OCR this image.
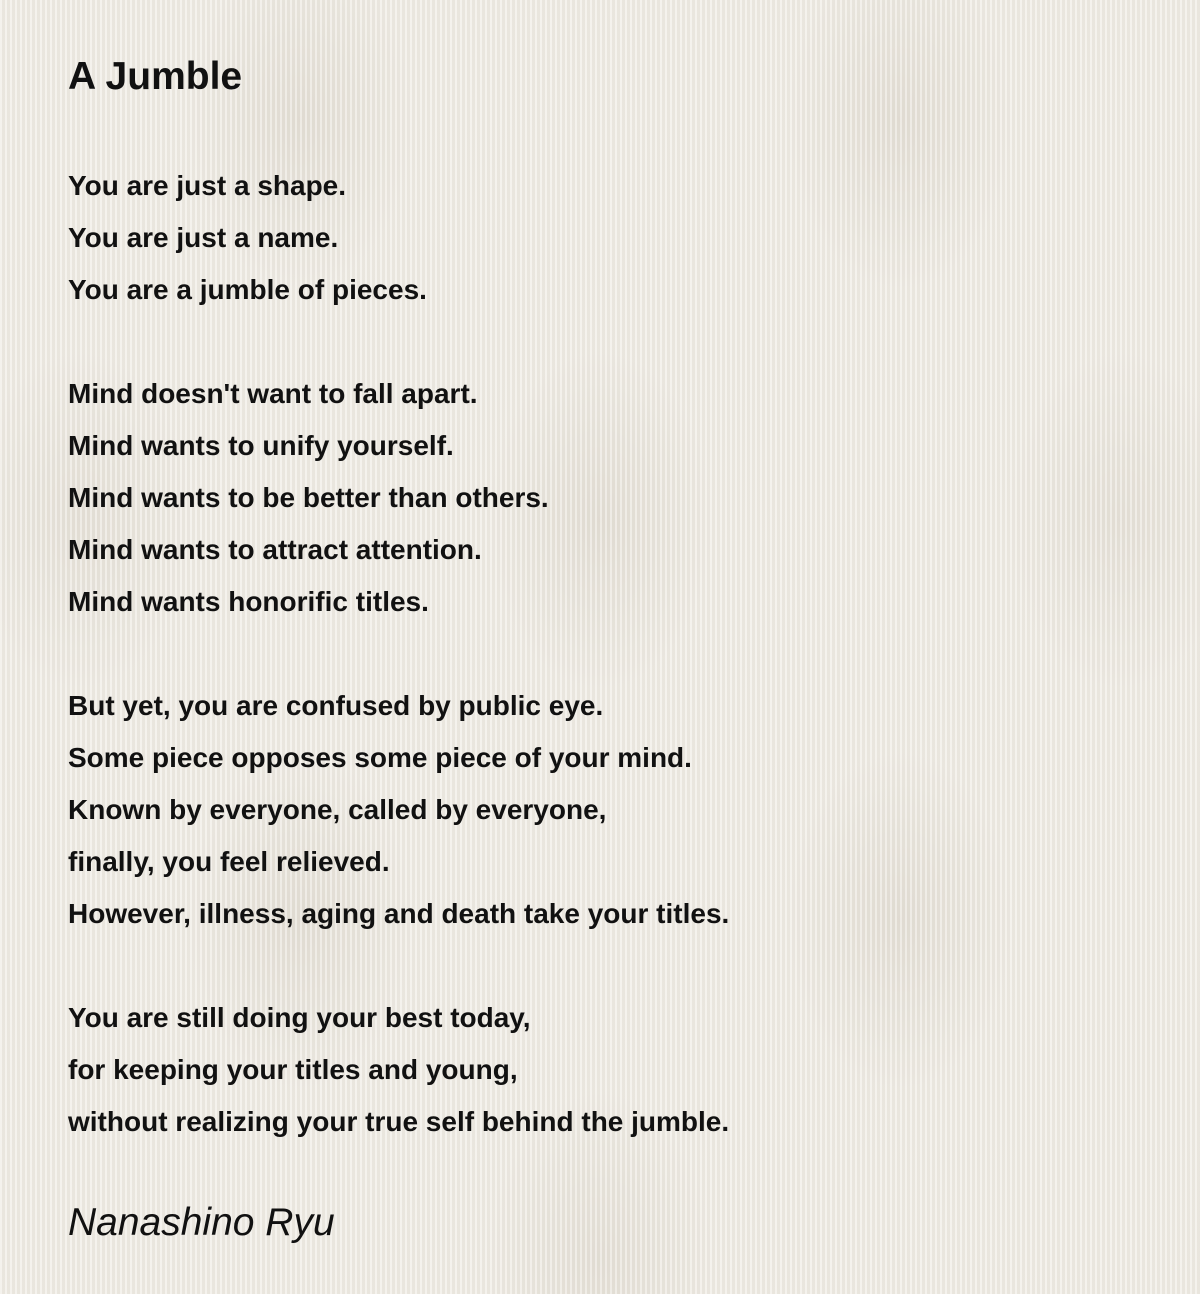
A Jumble
You are just a shape.
You are just a name.
You are a jumble of pieces.
Mind doesn't want to fall apart.
Mind wants to unify yourself.
Mind wants to be better than others.
Mind wants to attract attention.
Mind wants honorific titles.
But yet, you are confused by public eye.
Some piece opposes some piece of your mind.
Known by everyone, called by everyone,
finally, you feel relieved.
However, illness, aging and death take your titles.
You are still doing your best today,
for keeping your titles and young,
without realizing your true self behind the jumble.
Nanashino Ryu
